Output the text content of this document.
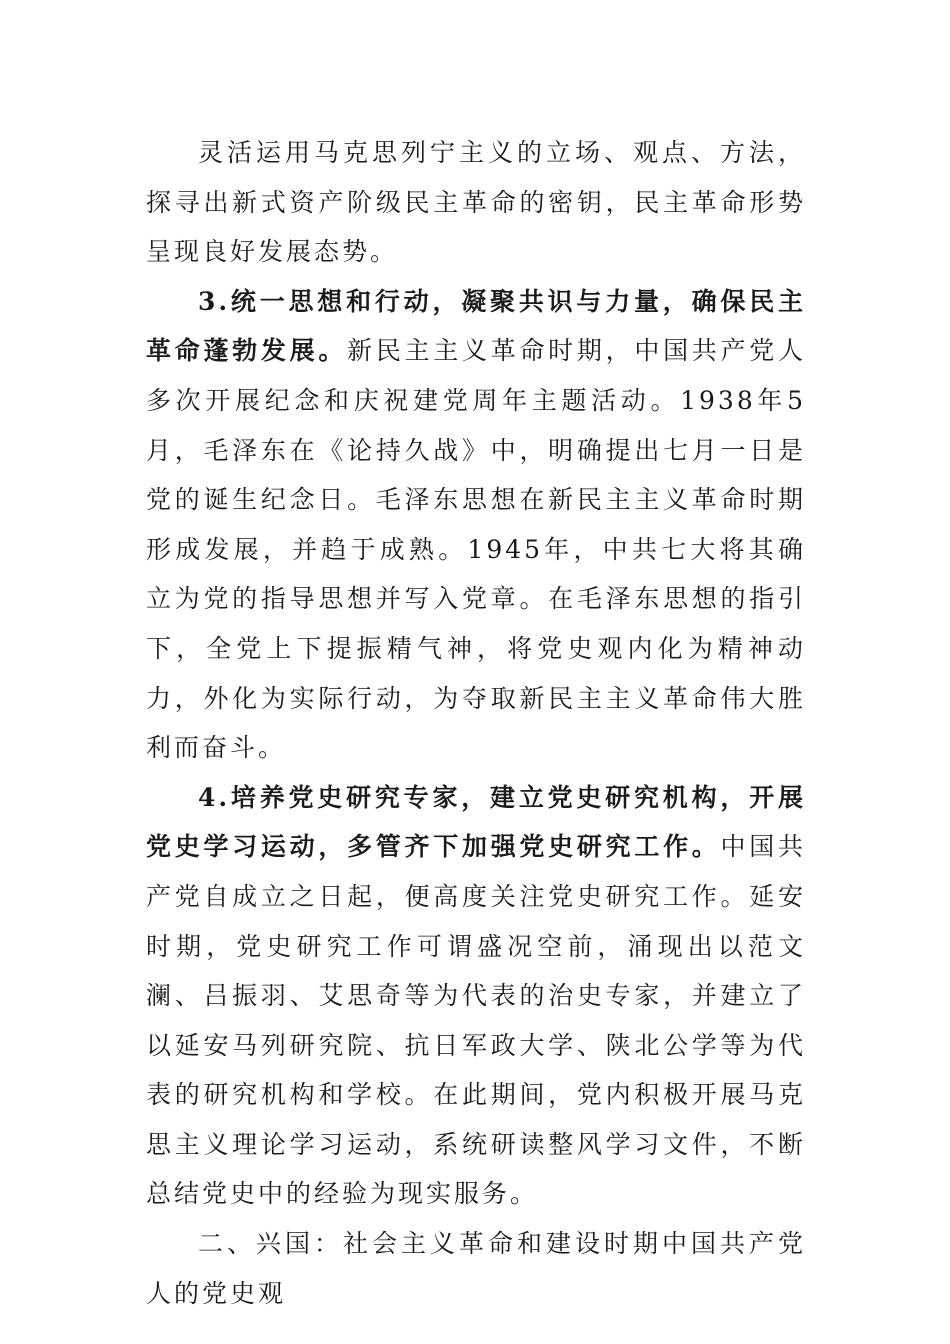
灵活运用马克思列宁主义的立场、观点、方法，探寻出新式资产阶级民主革命的密钥，民主革命形势呈现良好发展态势。

3.统一思想和行动，凝聚共识与力量，确保民主革命蓬勃发展。新民主主义革命时期，中国共产党人多次开展纪念和庆祝建党周年主题活动。1938年5月，毛泽东在《论持久战》中，明确提出七月一日是党的诞生纪念日。毛泽东思想在新民主主义革命时期形成发展，并趋于成熟。1945年，中共七大将其确立为党的指导思想并写入党章。在毛泽东思想的指引下，全党上下提振精气神，将党史观内化为精神动力，外化为实际行动，为夺取新民主主义革命伟大胜利而奋斗。

4.培养党史研究专家，建立党史研究机构，开展党史学习运动，多管齐下加强党史研究工作。中国共产党自成立之日起，便高度关注党史研究工作。延安时期，党史研究工作可谓盛况空前，涌现出以范文澜、吕振羽、艾思奇等为代表的治史专家，并建立了以延安马列研究院、抗日军政大学、陕北公学等为代表的研究机构和学校。在此期间，党内积极开展马克思主义理论学习运动，系统研读整风学习文件，不断总结党史中的经验为现实服务。

二、兴国：社会主义革命和建设时期中国共产党人的党史观
